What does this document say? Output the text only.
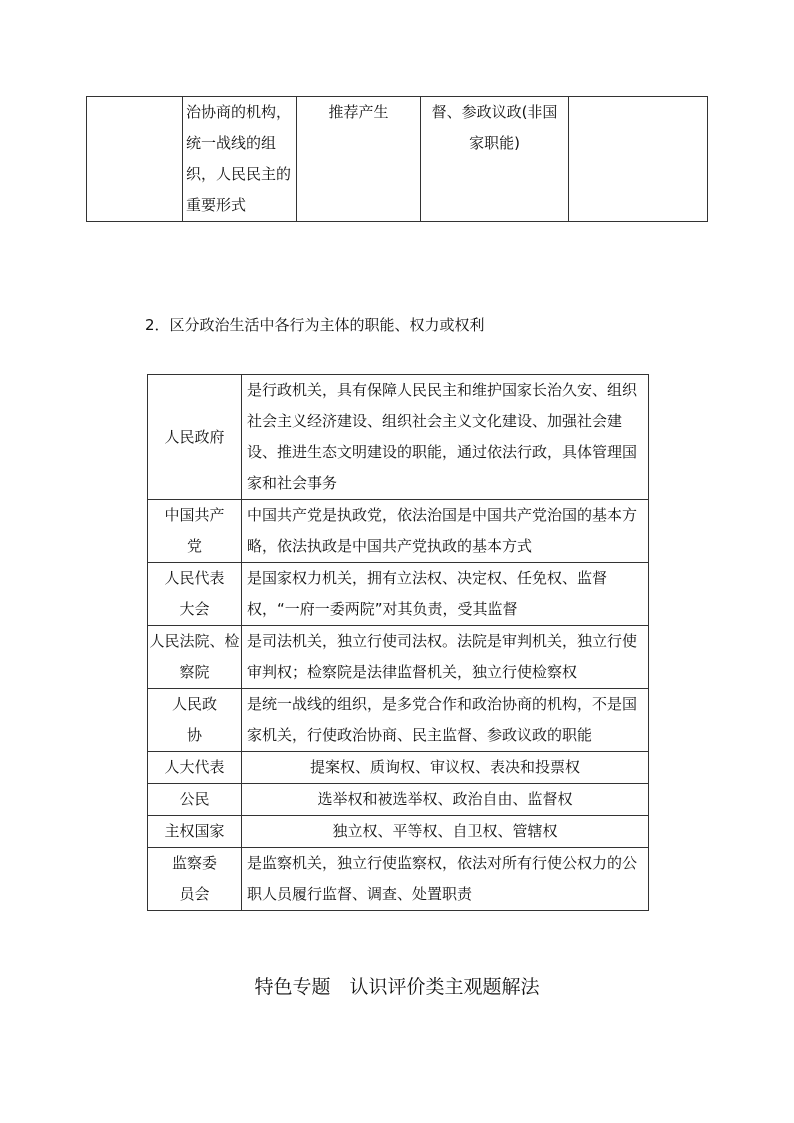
	治协商的机构，统一战线的组织，人民民主的重要形式	推荐产生	督、参政议政(非国家职能)	
2．区分政治生活中各行为主体的职能、权力或权利
人民政府	是行政机关，具有保障人民民主和维护国家长治久安、组织社会主义经济建设、组织社会主义文化建设、加强社会建设、推进生态文明建设的职能，通过依法行政，具体管理国家和社会事务
中国共产党	中国共产党是执政党，依法治国是中国共产党治国的基本方略，依法执政是中国共产党执政的基本方式
人民代表大会	是国家权力机关，拥有立法权、决定权、任免权、监督权，“一府一委两院”对其负责，受其监督
人民法院、检察院	是司法机关，独立行使司法权。法院是审判机关，独立行使审判权；检察院是法律监督机关，独立行使检察权
人民政协	是统一战线的组织，是多党合作和政治协商的机构，不是国家机关，行使政治协商、民主监督、参政议政的职能
人大代表	提案权、质询权、审议权、表决和投票权
公民	选举权和被选举权、政治自由、监督权
主权国家	独立权、平等权、自卫权、管辖权
监察委员会	是监察机关，独立行使监察权，依法对所有行使公权力的公职人员履行监督、调查、处置职责
特色专题　认识评价类主观题解法
